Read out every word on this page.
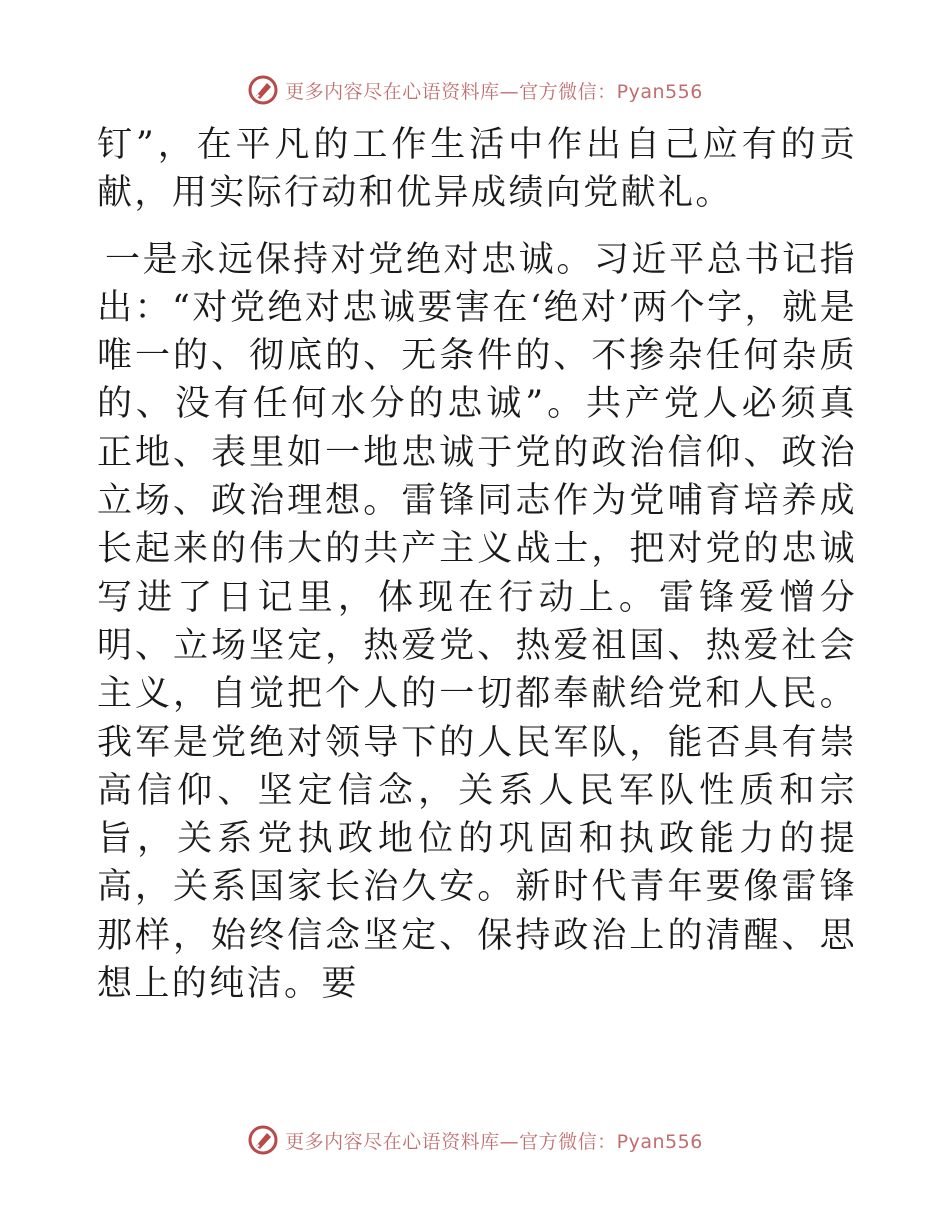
更多内容尽在心语资料库—官方微信：Pyan556

钉”，在平凡的工作生活中作出自己应有的贡献，用实际行动和优异成绩向党献礼。

一是永远保持对党绝对忠诚。习近平总书记指出：“对党绝对忠诚要害在‘绝对’两个字，就是唯一的、彻底的、无条件的、不掺杂任何杂质的、没有任何水分的忠诚”。共产党人必须真正地、表里如一地忠诚于党的政治信仰、政治立场、政治理想。雷锋同志作为党哺育培养成长起来的伟大的共产主义战士，把对党的忠诚写进了日记里，体现在行动上。雷锋爱憎分明、立场坚定，热爱党、热爱祖国、热爱社会主义，自觉把个人的一切都奉献给党和人民。我军是党绝对领导下的人民军队，能否具有崇高信仰、坚定信念，关系人民军队性质和宗旨，关系党执政地位的巩固和执政能力的提高，关系国家长治久安。新时代青年要像雷锋那样，始终信念坚定、保持政治上的清醒、思想上的纯洁。要

更多内容尽在心语资料库—官方微信：Pyan556
